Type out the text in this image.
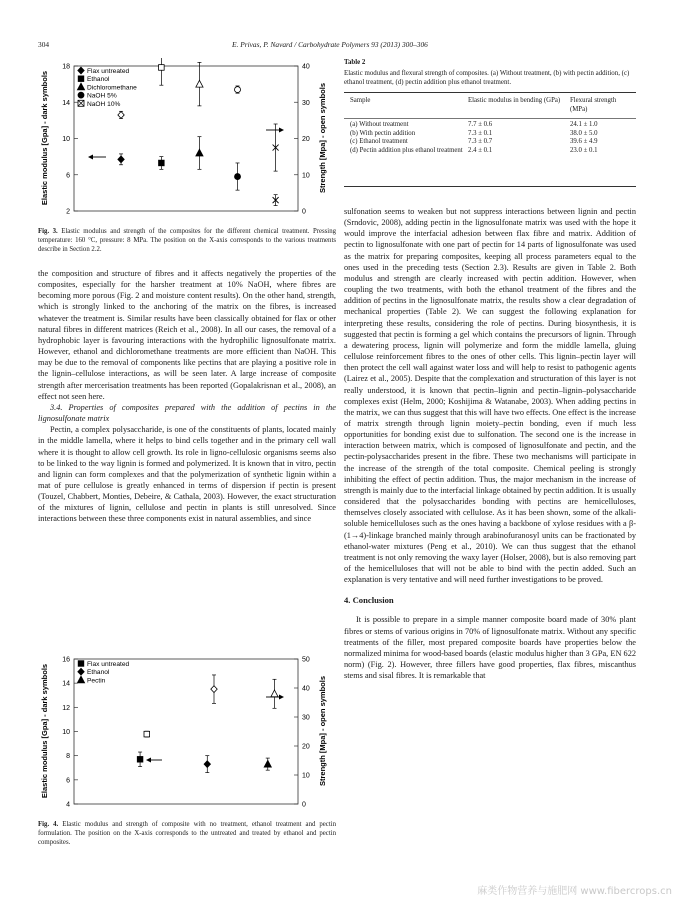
304	E. Privas, P. Navard / Carbohydrate Polymers 93 (2013) 300–306
Elastic modulus [Gpa] - dark symbols	Strength [Mpa] - open symbols
Flax untreated
Ethanol
Dichloromethane
NaOH 5%
NaOH 10%
2
6
10
14
18
0
10
20
30
40
Fig. 3. Elastic modulus and strength of the composites for the different chemical treatment. Pressing temperature: 160 °C, pressure: 8 MPa. The position on the X-axis corresponds to the various treatments describe in Section 2.2.

the composition and structure of fibres and it affects negatively the properties of the composites, especially for the harsher treatment at 10% NaOH, where fibres are becoming more porous (Fig. 2 and moisture content results). On the other hand, strength, which is strongly linked to the anchoring of the matrix on the fibres, is increased whatever the treatment is. Similar results have been classically obtained for flax or other natural fibres in different matrices (Reich et al., 2008). In all our cases, the removal of a hydrophobic layer is favouring interactions with the hydrophilic lignosulfonate matrix. However, ethanol and dichloromethane treatments are more efficient than NaOH. This may be due to the removal of components like pectins that are playing a positive role in the lignin–cellulose interactions, as will be seen later. A large increase of composite strength after mercerisation treatments has been reported (Gopalakrisnan et al., 2008), an effect not seen here.

3.4. Properties of composites prepared with the addition of pectins in the lignosulfonate matrix

Pectin, a complex polysaccharide, is one of the constituents of plants, located mainly in the middle lamella, where it helps to bind cells together and in the primary cell wall where it is thought to allow cell growth. Its role in ligno-cellulosic organisms seems also to be linked to the way lignin is formed and polymerized. It is known that in vitro, pectin and lignin can form complexes and that the polymerization of synthetic lignin within a mat of pure cellulose is greatly enhanced in terms of dispersion if pectin is present (Touzel, Chabbert, Monties, Debeire, & Cathala, 2003). However, the exact structuration of the mixtures of lignin, cellulose and pectin in plants is still unresolved. Since interactions between these three components exist in natural assemblies, and since

Elastic modulus [Gpa] - dark symbols	Strength [Mpa] - open symbols
Flax untreated
Ethanol
Pectin
4
6
8
10
12
14
16
0
10
20
30
40
50
Fig. 4. Elastic modulus and strength of composite with no treatment, ethanol treatment and pectin formulation. The position on the X-axis corresponds to the untreated and treated by ethanol and pectin composites.
Table 2
Elastic modulus and flexural strength of composites. (a) Without treatment, (b) with pectin addition, (c) ethanol treatment, (d) pectin addition plus ethanol treatment.
Sample	Elastic modulus in bending (GPa)	Flexural strength (MPa)

(a) Without treatment	7.7 ± 0.6	24.1 ± 1.0
(b) With pectin addition	7.3 ± 0.1	38.0 ± 5.0
(c) Ethanol treatment	7.3 ± 0.7	39.6 ± 4.9
(d) Pectin addition plus ethanol treatment	2.4 ± 0.1	23.0 ± 0.1

sulfonation seems to weaken but not suppress interactions between lignin and pectin (Srndovic, 2008), adding pectin in the lignosulfonate matrix was used with the hope it would improve the interfacial adhesion between flax fibre and matrix. Addition of pectin to lignosulfonate with one part of pectin for 14 parts of lignosulfonate was used as the matrix for preparing composites, keeping all process parameters equal to the ones used in the preceding tests (Section 2.3). Results are given in Table 2. Both modulus and strength are clearly increased with pectin addition. However, when coupling the two treatments, with both the ethanol treatment of the fibres and the addition of pectins in the lignosulfonate matrix, the results show a clear degradation of mechanical properties (Table 2). We can suggest the following explanation for interpreting these results, considering the role of pectins. During biosynthesis, it is suggested that pectin is forming a gel which contains the precursors of lignin. Through a dewatering process, lignin will polymerize and form the middle lamella, gluing cellulose reinforcement fibres to the ones of other cells. This lignin–pectin layer will then protect the cell wall against water loss and will help to resist to pathogenic agents (Lairez et al., 2005). Despite that the complexation and structuration of this layer is not really understood, it is known that pectin–lignin and pectin–lignin–polysaccharide complexes exist (Helm, 2000; Koshijima & Watanabe, 2003). When adding pectins in the matrix, we can thus suggest that this will have two effects. One effect is the increase of matrix strength through lignin moiety–pectin bonding, even if much less opportunities for bonding exist due to sulfonation. The second one is the increase in interaction between matrix, which is composed of lignosulfonate and pectin, and the pectin-polysaccharides present in the fibre. These two mechanisms will participate in the increase of the strength of the total composite. Chemical peeling is strongly inhibiting the effect of pectin addition. Thus, the major mechanism in the increase of strength is mainly due to the interfacial linkage obtained by pectin addition. It is usually considered that the polysaccharides bonding with pectins are hemicelluloses, themselves closely associated with cellulose. As it has been shown, some of the alkali-soluble hemicelluloses such as the ones having a backbone of xylose residues with a β-(1→4)-linkage branched mainly through arabinofuranosyl units can be fractionated by ethanol-water mixtures (Peng et al., 2010). We can thus suggest that the ethanol treatment is not only removing the waxy layer (Holser, 2008), but is also removing part of the hemicelluloses that will not be able to bind with the pectin added. Such an explanation is very tentative and will need further investigations to be proved.

4. Conclusion

It is possible to prepare in a simple manner composite board made of 30% plant fibres or stems of various origins in 70% of lignosulfonate matrix. Without any specific treatments of the filler, most prepared composite boards have properties below the normalized minima for wood-based boards (elastic modulus higher than 3 GPa, EN 622 norm) (Fig. 2). However, three fillers have good properties, flax fibres, miscanthus stems and sisal fibres. It is remarkable that

麻类作物营养与施肥网 www.fibercrops.cn
